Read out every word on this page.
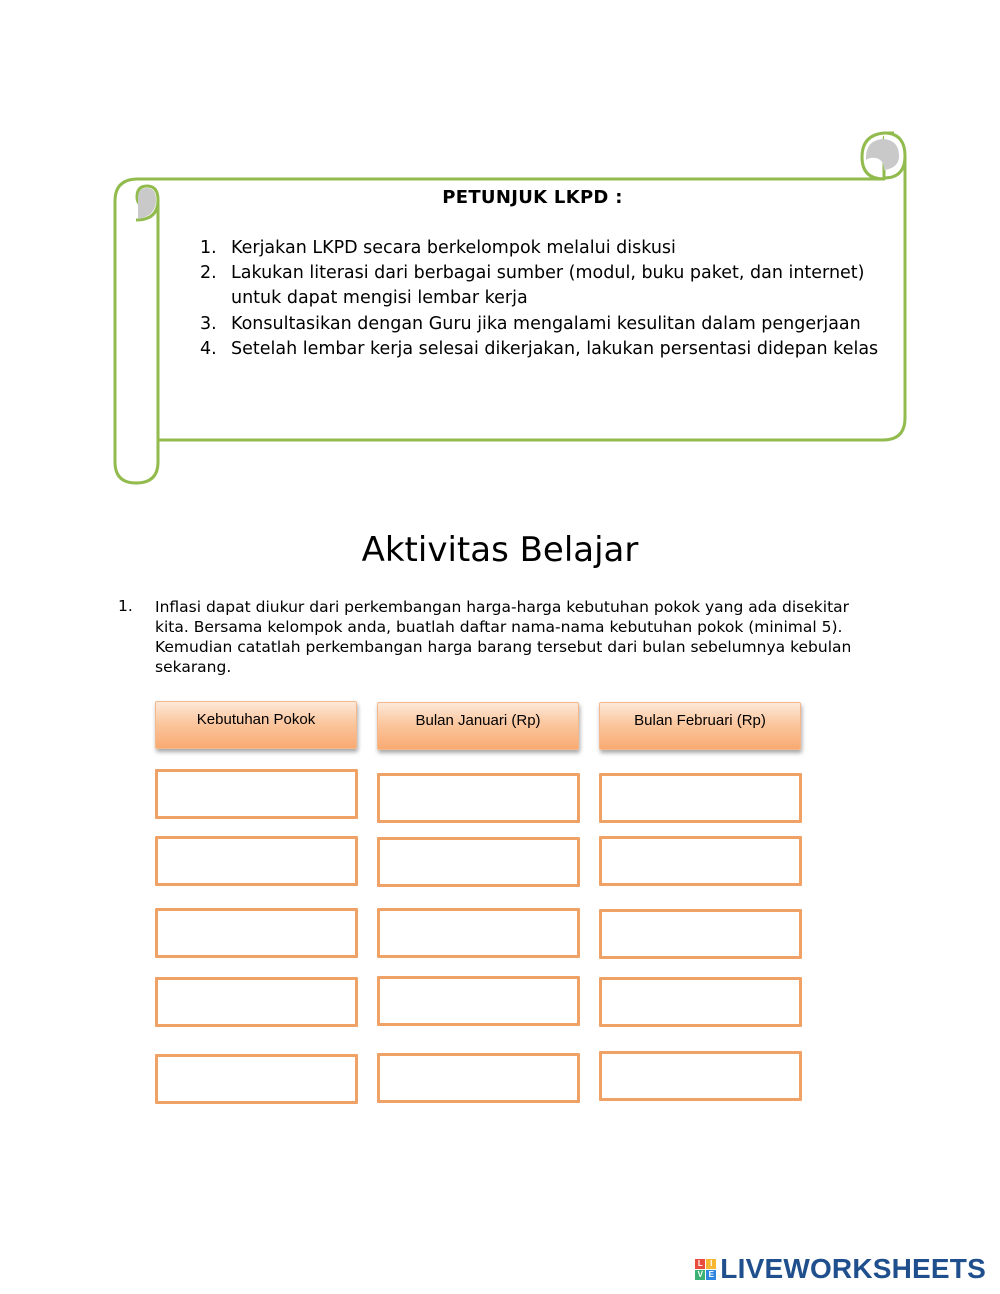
PETUNJUK LKPD :
1. Kerjakan LKPD secara berkelompok melalui diskusi
2. Lakukan literasi dari berbagai sumber (modul, buku paket, dan internet) untuk dapat mengisi lembar kerja
3. Konsultasikan dengan Guru jika mengalami kesulitan dalam pengerjaan
4. Setelah lembar kerja selesai dikerjakan, lakukan persentasi didepan kelas
Aktivitas Belajar
1. Inflasi dapat diukur dari perkembangan harga-harga kebutuhan pokok yang ada disekitar kita. Bersama kelompok anda, buatlah daftar nama-nama kebutuhan pokok (minimal 5). Kemudian catatlah perkembangan harga barang tersebut dari bulan sebelumnya kebulan sekarang.
Kebutuhan Pokok	Bulan Januari (Rp)	Bulan Februari (Rp)
L I
V E LIVEWORKSHEETS
